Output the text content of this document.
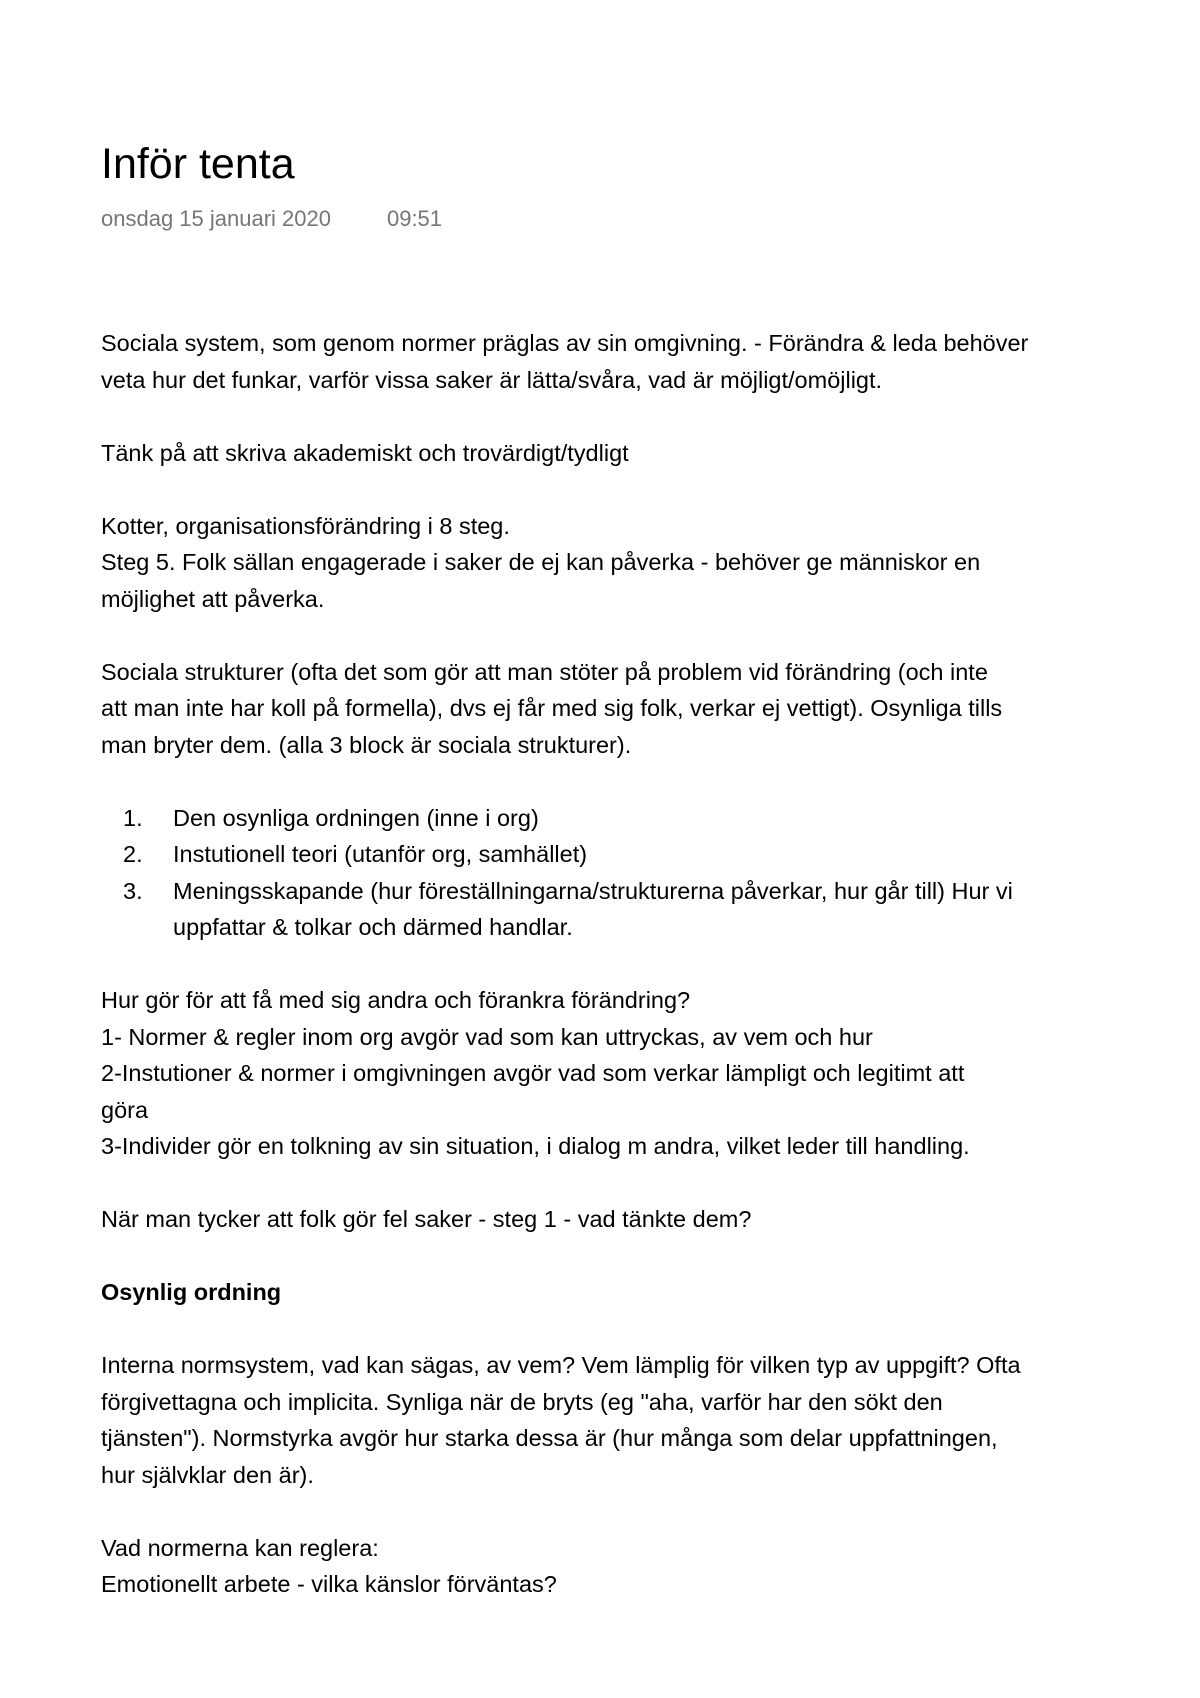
Inför tenta
onsdag 15 januari 2020	09:51

Sociala system, som genom normer präglas av sin omgivning. - Förändra & leda behöver
veta hur det funkar, varför vissa saker är lätta/svåra, vad är möjligt/omöjligt.

Tänk på att skriva akademiskt och trovärdigt/tydligt

Kotter, organisationsförändring i 8 steg.
Steg 5. Folk sällan engagerade i saker de ej kan påverka - behöver ge människor en
möjlighet att påverka.

Sociala strukturer (ofta det som gör att man stöter på problem vid förändring (och inte
att man inte har koll på formella), dvs ej får med sig folk, verkar ej vettigt). Osynliga tills
man bryter dem. (alla 3 block är sociala strukturer).

1. Den osynliga ordningen (inne i org)
2. Instutionell teori (utanför org, samhället)
3. Meningsskapande (hur föreställningarna/strukturerna påverkar, hur går till) Hur vi
uppfattar & tolkar och därmed handlar.

Hur gör för att få med sig andra och förankra förändring?
1- Normer & regler inom org avgör vad som kan uttryckas, av vem och hur
2-Instutioner & normer i omgivningen avgör vad som verkar lämpligt och legitimt att
göra
3-Individer gör en tolkning av sin situation, i dialog m andra, vilket leder till handling.

När man tycker att folk gör fel saker - steg 1 - vad tänkte dem?

Osynlig ordning

Interna normsystem, vad kan sägas, av vem? Vem lämplig för vilken typ av uppgift? Ofta
förgivettagna och implicita. Synliga när de bryts (eg "aha, varför har den sökt den
tjänsten"). Normstyrka avgör hur starka dessa är (hur många som delar uppfattningen,
hur självklar den är).

Vad normerna kan reglera:
Emotionellt arbete - vilka känslor förväntas?
